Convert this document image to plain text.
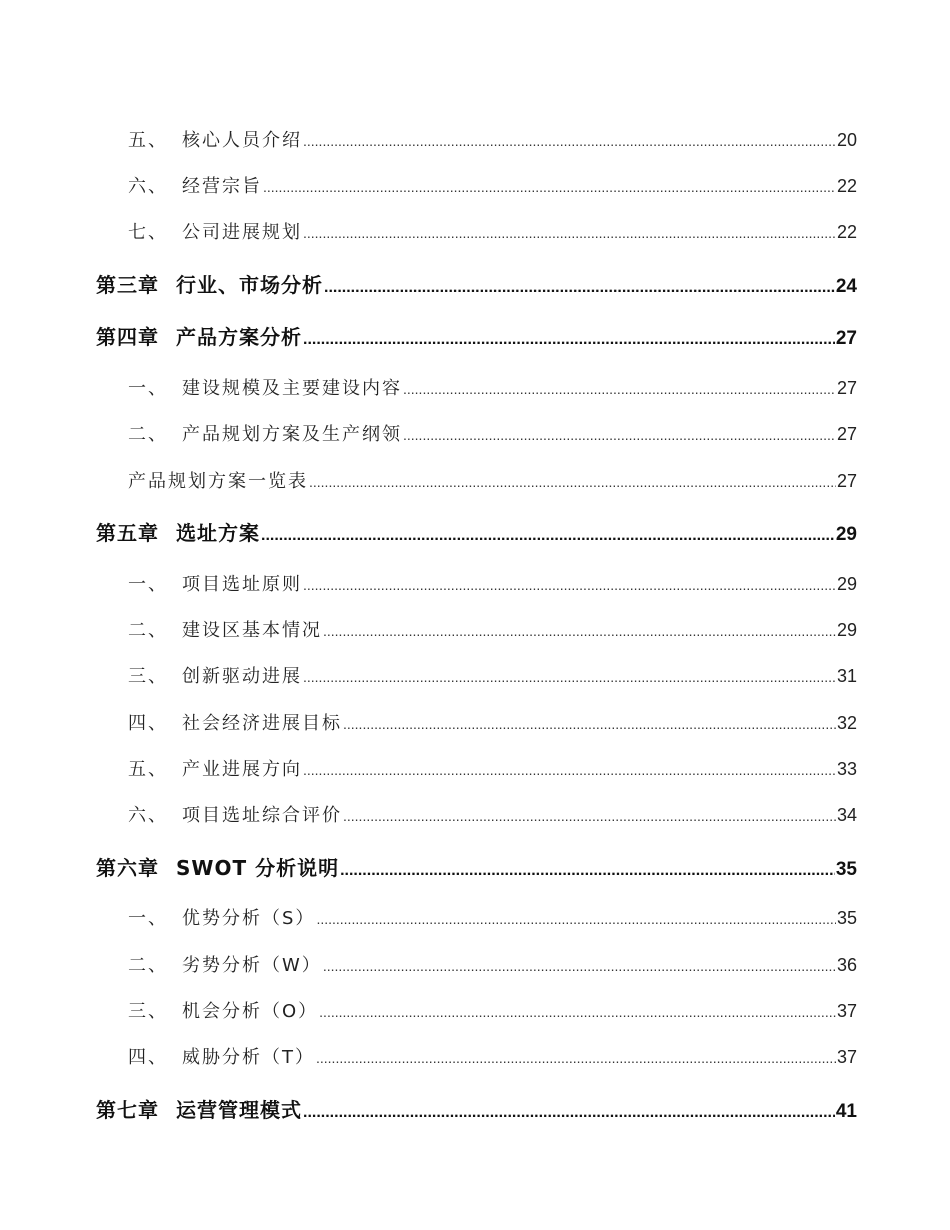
五、 核心人员介绍 .....	20
六、 经营宗旨 .....	22
七、 公司进展规划 .....	22
第三章 行业、市场分析 .....	24
第四章 产品方案分析 .....	27
一、 建设规模及主要建设内容 .....	27
二、 产品规划方案及生产纲领 .....	27
产品规划方案一览表 .....	27
第五章 选址方案 .....	29
一、 项目选址原则 .....	29
二、 建设区基本情况 .....	29
三、 创新驱动进展 .....	31
四、 社会经济进展目标 .....	32
五、 产业进展方向 .....	33
六、 项目选址综合评价 .....	34
第六章 SWOT 分析说明 .....	35
一、 优势分析（S） .....	35
二、 劣势分析（W） .....	36
三、 机会分析（O） .....	37
四、 威胁分析（T） .....	37
第七章 运营管理模式 .....	41
